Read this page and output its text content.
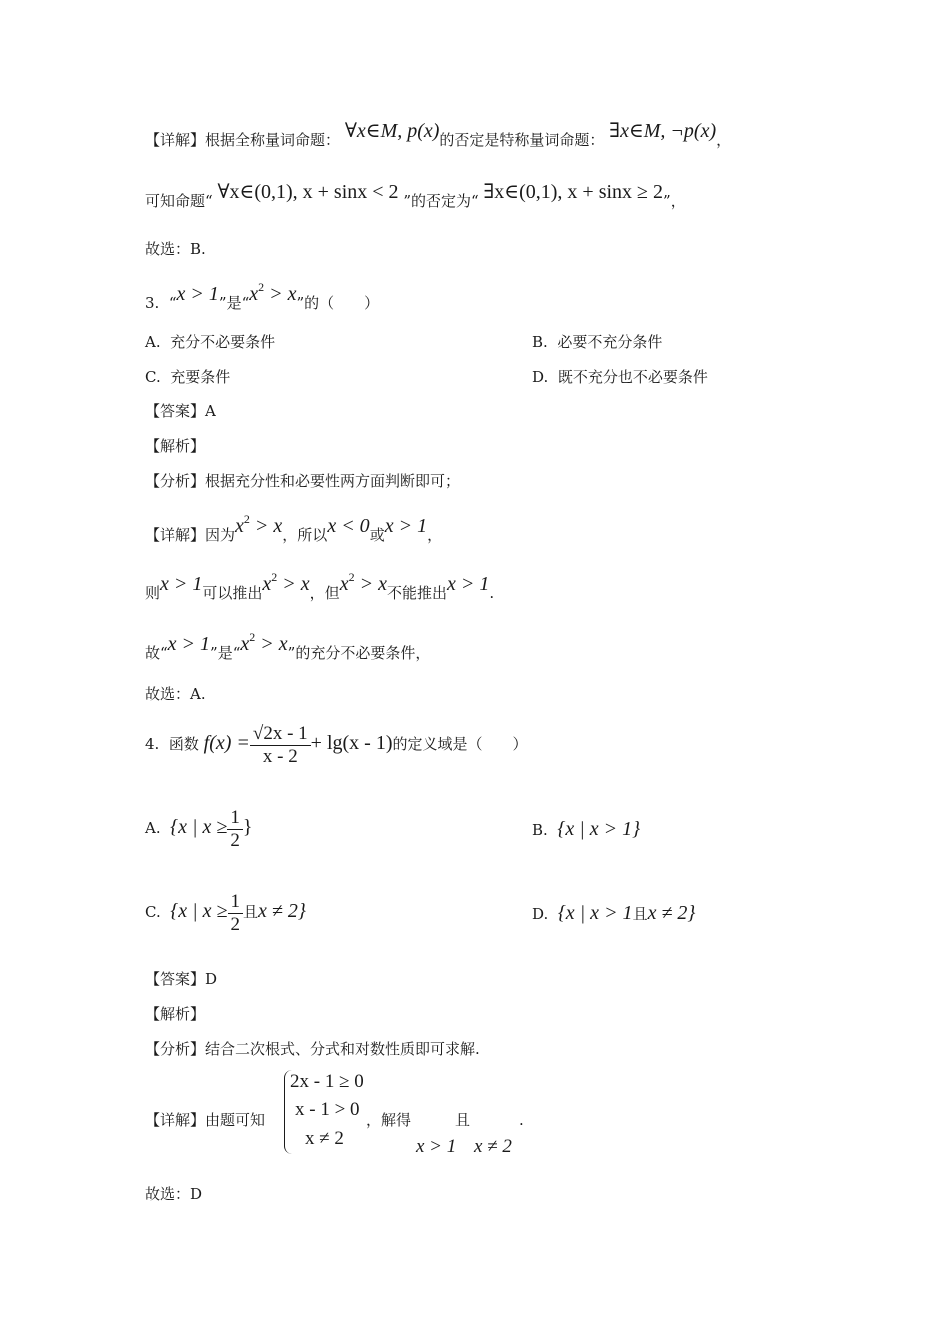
【详解】根据全称量词命题： ∀x∈M, p(x)的否定是特称量词命题： ∃x∈M, ¬p(x)，
可知命题“ ∀x∈(0,1), x + sinx < 2 ”的否定为“ ∃x∈(0,1), x + sinx ≥ 2”，
故选：B.
3. “x > 1”是“$x^2 > x$”的（　　）
A. 充分不必要条件	B. 必要不充分条件
C. 充要条件	D. 既不充分也不必要条件
【答案】A
【解析】
【分析】根据充分性和必要性两方面判断即可；
【详解】因为$x^2 > x$，所以x < 0或x > 1，
则x > 1可以推出$x^2 > x$，但$x^2 > x$不能推出x > 1.
故“x > 1”是“$x^2 > x$”的充分不必要条件，
故选：A.
4. 函数 $f(x) = \frac{√2x - 1}{x - 2} + \lg(x - 1)$的定义域是（　　）
A. {x | $x \ge \frac{1}{2}$ }	B. {x | x > 1}
C. {x | $x \ge \frac{1}{2}$ 且x ≠ 2}	D. {x | x > 1且x ≠ 2}
【答案】D
【解析】
【分析】结合二次根式、分式和对数性质即可求解.
【详解】由题可知
2x - 1 ≥ 0
x - 1 > 0
x ≠ 2
，解得	且	.
x > 1 x ≠ 2
故选：D
